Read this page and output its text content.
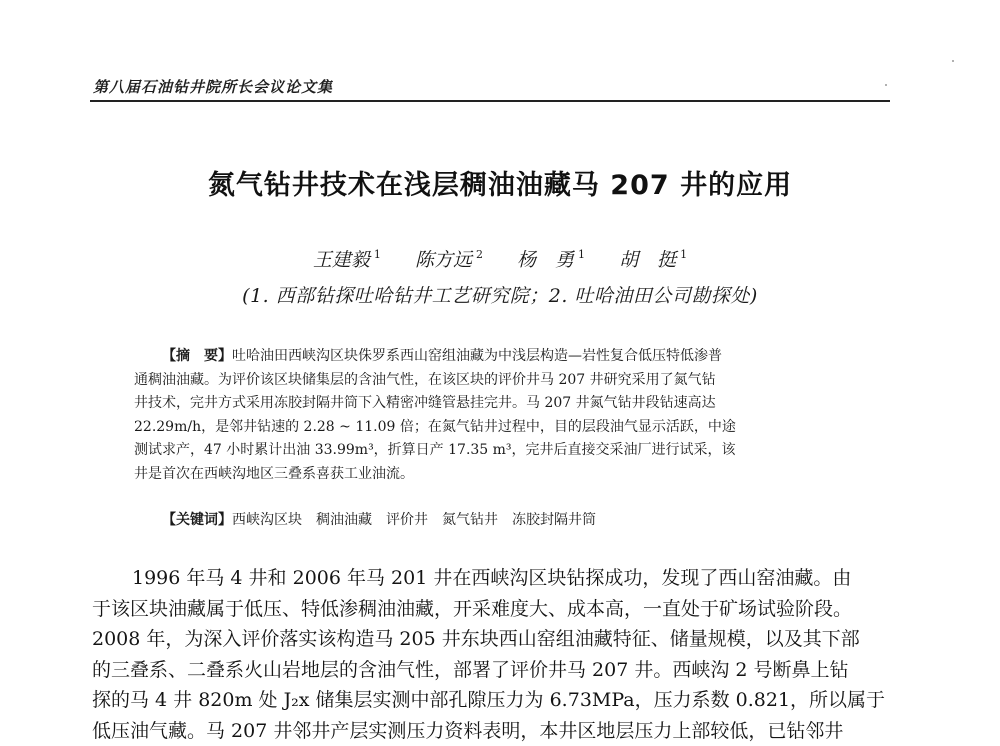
第八届石油钻井院所长会议论文集
氮气钻井技术在浅层稠油油藏马 207 井的应用
王建毅 $^1$ 陈方远 $^2$ 杨　勇 $^1$ 胡　挺 $^1$
(1. 西部钻探吐哈钻井工艺研究院；2. 吐哈油田公司勘探处)
【摘　要】吐哈油田西峡沟区块侏罗系西山窑组油藏为中浅层构造—岩性复合低压特低渗普
通稠油油藏。为评价该区块储集层的含油气性，在该区块的评价井马 207 井研究采用了氮气钻
井技术，完井方式采用冻胶封隔井筒下入精密冲缝管悬挂完井。马 207 井氮气钻井段钻速高达
22.29m/h，是邻井钻速的 2.28 ~ 11.09 倍；在氮气钻井过程中，目的层段油气显示活跃，中途
测试求产，47 小时累计出油 33.99m³，折算日产 17.35 m³，完井后直接交采油厂进行试采，该
井是首次在西峡沟地区三叠系喜获工业油流。
【关键词】西峡沟区块 稠油油藏 评价井 氮气钻井 冻胶封隔井筒
1996 年马 4 井和 2006 年马 201 井在西峡沟区块钻探成功，发现了西山窑油藏。由
于该区块油藏属于低压、特低渗稠油油藏，开采难度大、成本高，一直处于矿场试验阶段。
2008 年，为深入评价落实该构造马 205 井东块西山窑组油藏特征、储量规模，以及其下部
的三叠系、二叠系火山岩地层的含油气性，部署了评价井马 207 井。西峡沟 2 号断鼻上钻
探的马 4 井 820m 处 J₂x 储集层实测中部孔隙压力为 6.73MPa，压力系数 0.821，所以属于
低压油气藏。马 207 井邻井产层实测压力资料表明，本井区地层压力上部较低，已钻邻井
